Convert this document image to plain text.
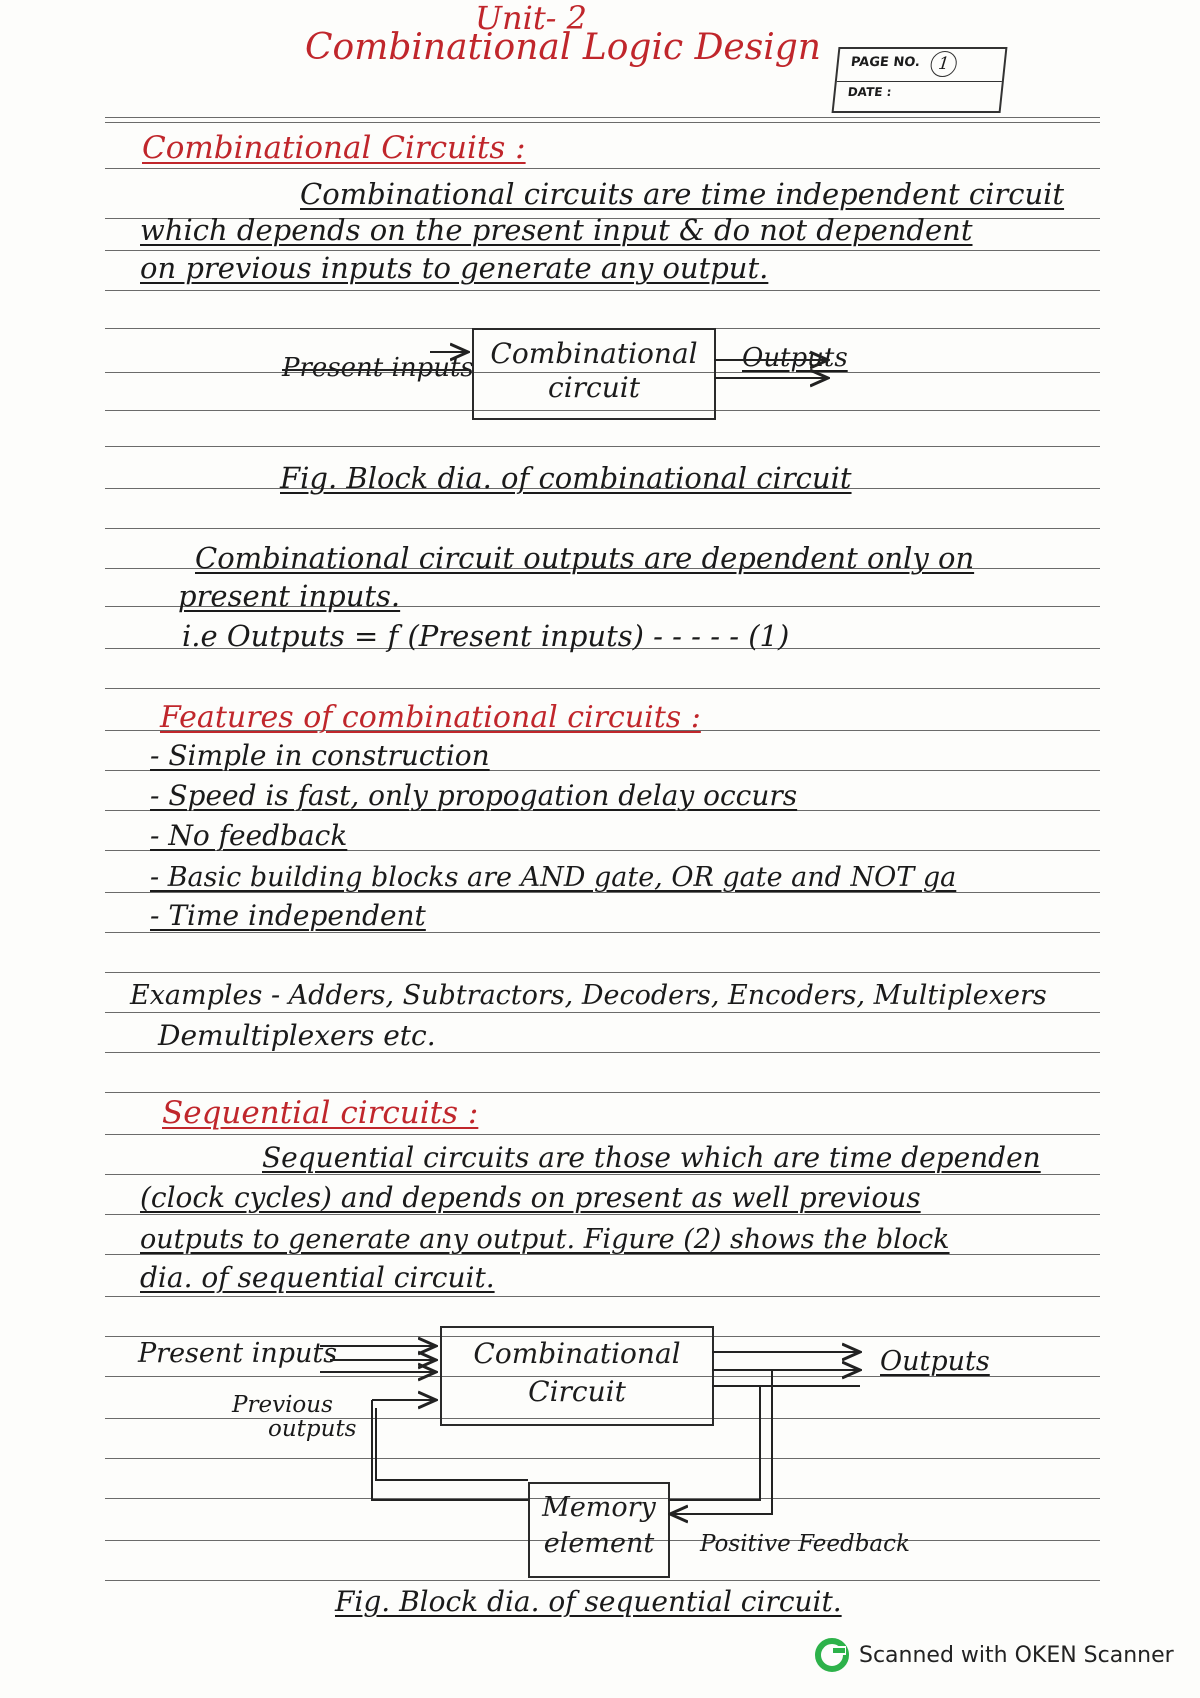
Unit- 2
Combinational Logic Design PAGE NO. 1
DATE :
Combinational Circuits :
Combinational circuits are time independent circuit
which depends on the present input & do not dependent
on previous inputs to generate any output.
Present inputs Combinational
circuit
Outputs
Fig. Block dia. of combinational circuit
Combinational circuit outputs are dependent only on
present inputs.
i.e Outputs = f (Present inputs) - - - - - (1)
Features of combinational circuits :
- Simple in construction
- Speed is fast, only propogation delay occurs
- No feedback
- Basic building blocks are AND gate, OR gate and NOT ga
- Time independent
Examples - Adders, Subtractors, Decoders, Encoders, Multiplexers
Demultiplexers etc.
Sequential circuits :
Sequential circuits are those which are time dependen
(clock cycles) and depends on present as well previous
outputs to generate any output. Figure (2) shows the block
dia. of sequential circuit.
Present inputs
Previous
outputs
Combinational
Circuit
Outputs
Memory
element	Positive Feedback
Fig. Block dia. of sequential circuit.
Scanned with OKEN Scanner
